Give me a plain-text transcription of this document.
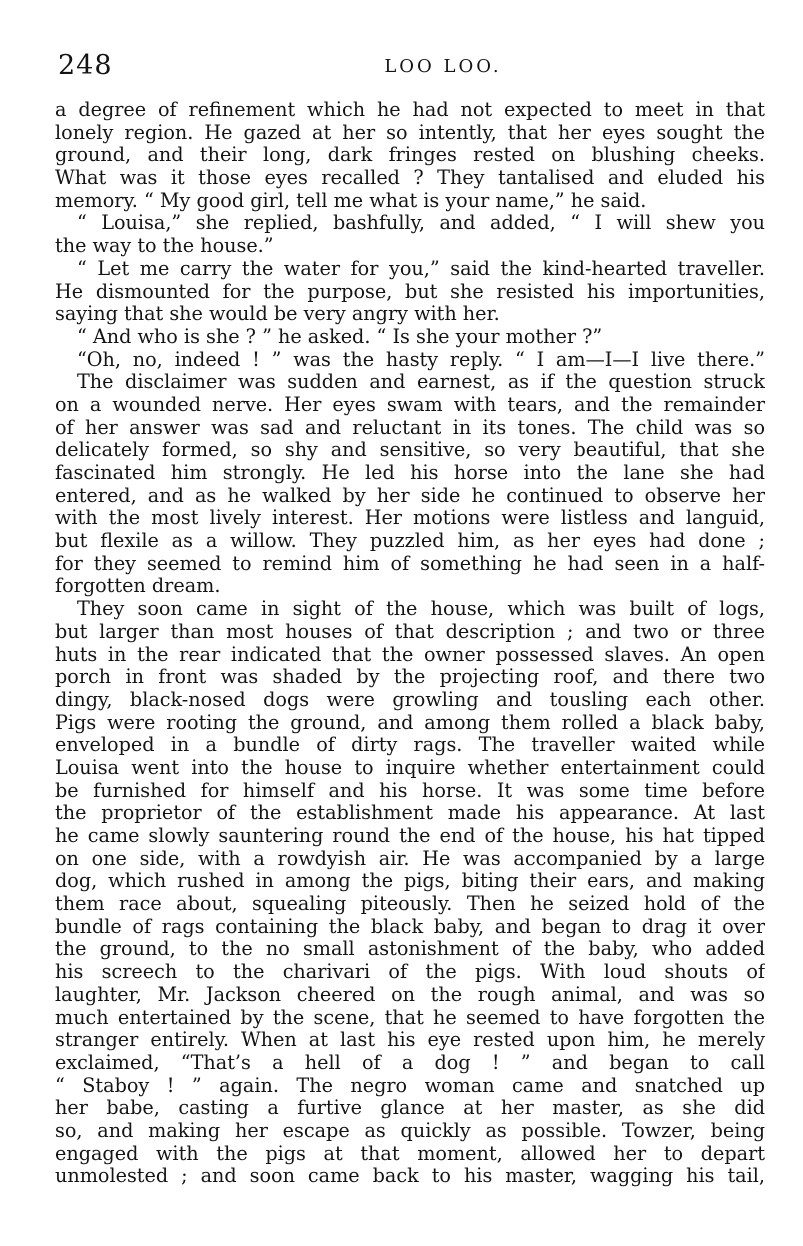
248	LOO LOO.
a degree of refinement which he had not expected to meet in that
lonely region. He gazed at her so intently, that her eyes sought the
ground, and their long, dark fringes rested on blushing cheeks.
What was it those eyes recalled ? They tantalised and eluded his
memory. “ My good girl, tell me what is your name,” he said.
“ Louisa,” she replied, bashfully, and added, “ I will shew you
the way to the house.”
“ Let me carry the water for you,” said the kind-hearted traveller.
He dismounted for the purpose, but she resisted his importunities,
saying that she would be very angry with her.
“ And who is she ? ” he asked. “ Is she your mother ?”
“Oh, no, indeed ! ” was the hasty reply. “ I am—I—I live there.”
The disclaimer was sudden and earnest, as if the question struck
on a wounded nerve. Her eyes swam with tears, and the remainder
of her answer was sad and reluctant in its tones. The child was so
delicately formed, so shy and sensitive, so very beautiful, that she
fascinated him strongly. He led his horse into the lane she had
entered, and as he walked by her side he continued to observe her
with the most lively interest. Her motions were listless and languid,
but flexile as a willow. They puzzled him, as her eyes had done ;
for they seemed to remind him of something he had seen in a half-
forgotten dream.
They soon came in sight of the house, which was built of logs,
but larger than most houses of that description ; and two or three
huts in the rear indicated that the owner possessed slaves. An open
porch in front was shaded by the projecting roof, and there two
dingy, black-nosed dogs were growling and tousling each other.
Pigs were rooting the ground, and among them rolled a black baby,
enveloped in a bundle of dirty rags. The traveller waited while
Louisa went into the house to inquire whether entertainment could
be furnished for himself and his horse. It was some time before
the proprietor of the establishment made his appearance. At last
he came slowly sauntering round the end of the house, his hat tipped
on one side, with a rowdyish air. He was accompanied by a large
dog, which rushed in among the pigs, biting their ears, and making
them race about, squealing piteously. Then he seized hold of the
bundle of rags containing the black baby, and began to drag it over
the ground, to the no small astonishment of the baby, who added
his screech to the charivari of the pigs. With loud shouts of
laughter, Mr. Jackson cheered on the rough animal, and was so
much entertained by the scene, that he seemed to have forgotten the
stranger entirely. When at last his eye rested upon him, he merely
exclaimed, “That’s a hell of a dog ! ” and began to call
“ Staboy ! ” again. The negro woman came and snatched up
her babe, casting a furtive glance at her master, as she did
so, and making her escape as quickly as possible. Towzer, being
engaged with the pigs at that moment, allowed her to depart
unmolested ; and soon came back to his master, wagging his tail,
